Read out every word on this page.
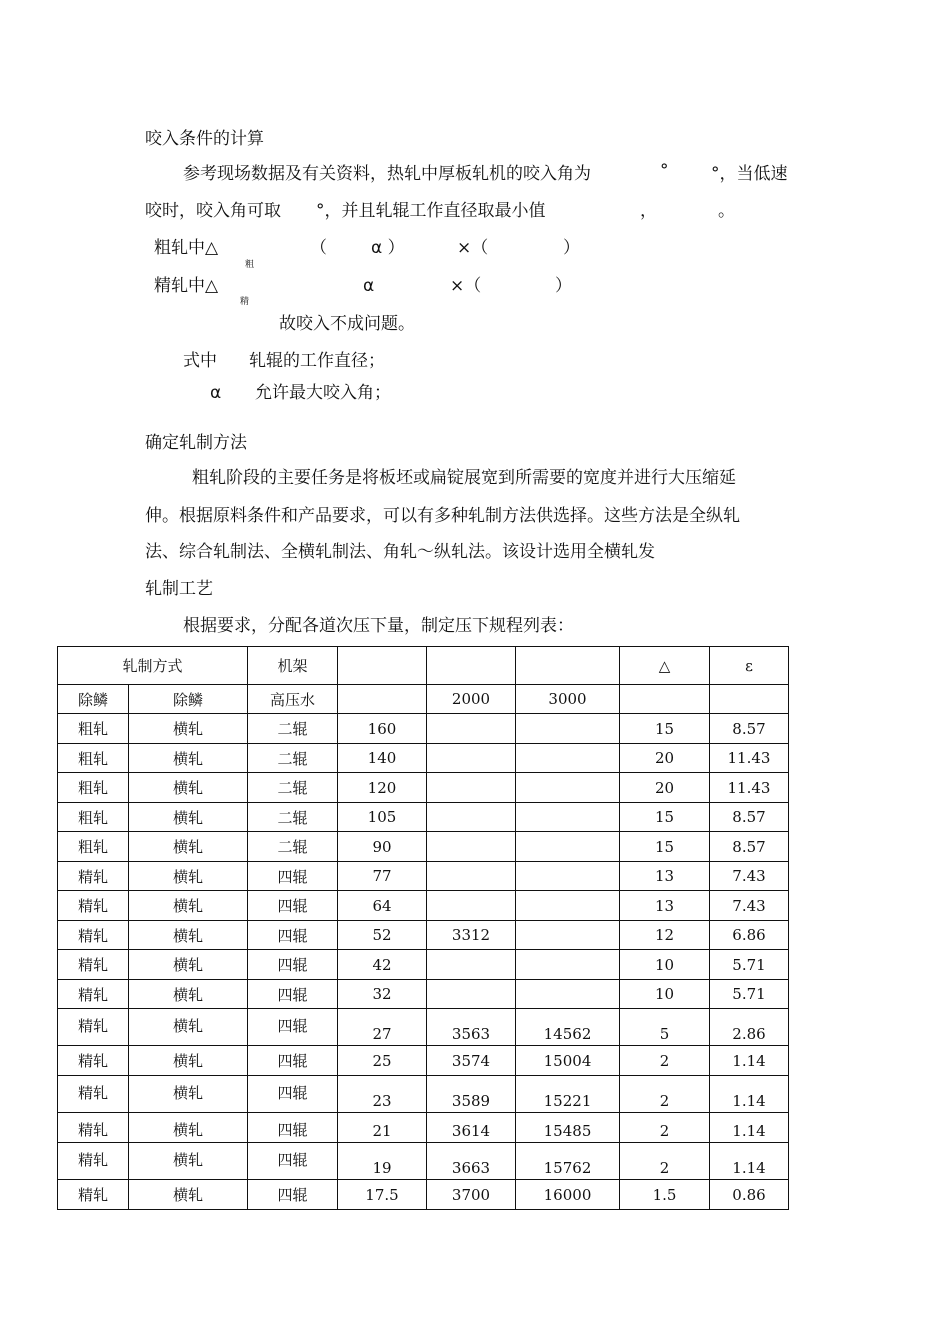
咬入条件的计算
参考现场数据及有关资料，热轧中厚板轧机的咬入角为	°	°，当低速
咬时，咬入角可取 °，并且轧辊工作直径取最小值	，	。
粗轧中△
粗
（	α ）	×（	）
精轧中△
精
α	×（	）
故咬入不成问题。
式中 轧辊的工作直径；
α 允许最大咬入角；
确定轧制方法
粗轧阶段的主要任务是将板坯或扁锭展宽到所需要的宽度并进行大压缩延
伸。根据原料条件和产品要求，可以有多种轧制方法供选择。这些方法是全纵轧
法、综合轧制法、全横轧制法、角轧～纵轧法。该设计选用全横轧发
轧制工艺
根据要求，分配各道次压下量，制定压下规程列表：
轧制方式		机架				△	ε
除鳞	除鳞	高压水		2000	3000		

粗轧	横轧	二辊	160			15	8.57

粗轧	横轧	二辊	140			20	11.43

粗轧	横轧	二辊	120			20	11.43

粗轧	横轧	二辊	105			15	8.57

粗轧	横轧	二辊	90			15	8.57

精轧	横轧	四辊	77			13	7.43

精轧	横轧	四辊	64			13	7.43

精轧	横轧	四辊	52	3312		12	6.86

精轧	横轧	四辊	42			10	5.71

精轧	横轧	四辊	32			10	5.71

精轧	横轧	四辊	27	3563	14562	5	2.86

精轧	横轧	四辊	25	3574	15004	2	1.14

精轧	横轧	四辊	23	3589	15221	2	1.14

精轧	横轧	四辊	21	3614	15485	2	1.14

精轧	横轧	四辊	19	3663	15762	2	1.14

精轧	横轧	四辊	17.5	3700	16000	1.5	0.86
